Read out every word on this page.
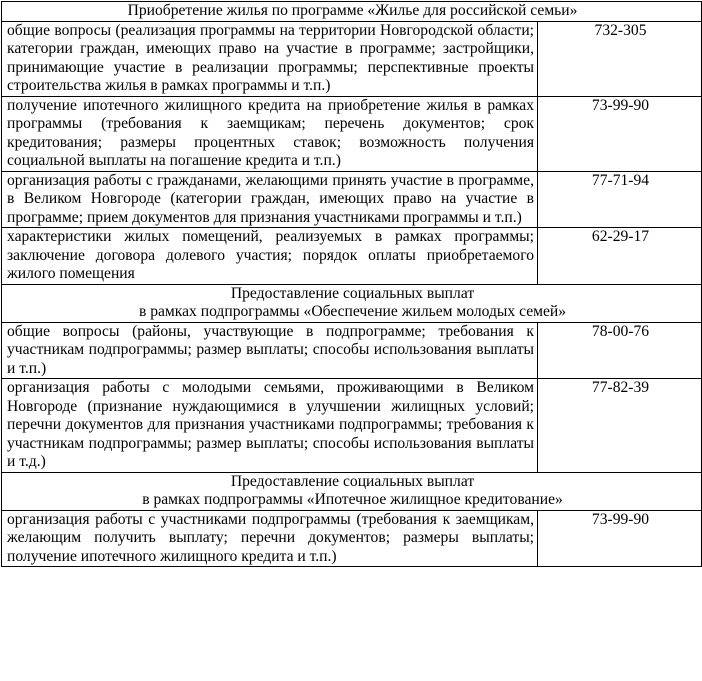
Приобретение жилья по программе «Жилье для российской семьи»	

общие вопросы (реализация программы на территории Новгородской области; категории граждан, имеющих право на участие в программе; застройщики, принимающие участие в реализации программы; перспективные проекты строительства жилья в рамках программы и т.п.)	732-305
получение ипотечного жилищного кредита на приобретение жилья в рамках программы (требования к заемщикам; перечень документов; срок кредитования; размеры процентных ставок; возможность получения социальной выплаты на погашение кредита и т.п.)	73-99-90
организация работы с гражданами, желающими принять участие в программе, в Великом Новгороде (категории граждан, имеющих право на участие в программе; прием документов для признания участниками программы и т.п.)	77-71-94
характеристики жилых помещений, реализуемых в рамках программы; заключение договора долевого участия; порядок оплаты приобретаемого жилого помещения	62-29-17

Предоставление социальных выплат
в рамках подпрограммы «Обеспечение жильем молодых семей»	

общие вопросы (районы, участвующие в подпрограмме; требования к участникам подпрограммы; размер выплаты; способы использования выплаты и т.п.)	78-00-76
организация работы с молодыми семьями, проживающими в Великом Новгороде (признание нуждающимися в улучшении жилищных условий; перечни документов для признания участниками подпрограммы; требования к участникам подпрограммы; размер выплаты; способы использования выплаты и т.д.)	77-82-39

Предоставление социальных выплат
в рамках подпрограммы «Ипотечное жилищное кредитование»	

организация работы с участниками подпрограммы (требования к заемщикам, желающим получить выплату; перечни документов; размеры выплаты; получение ипотечного жилищного кредита и т.п.)	73-99-90
